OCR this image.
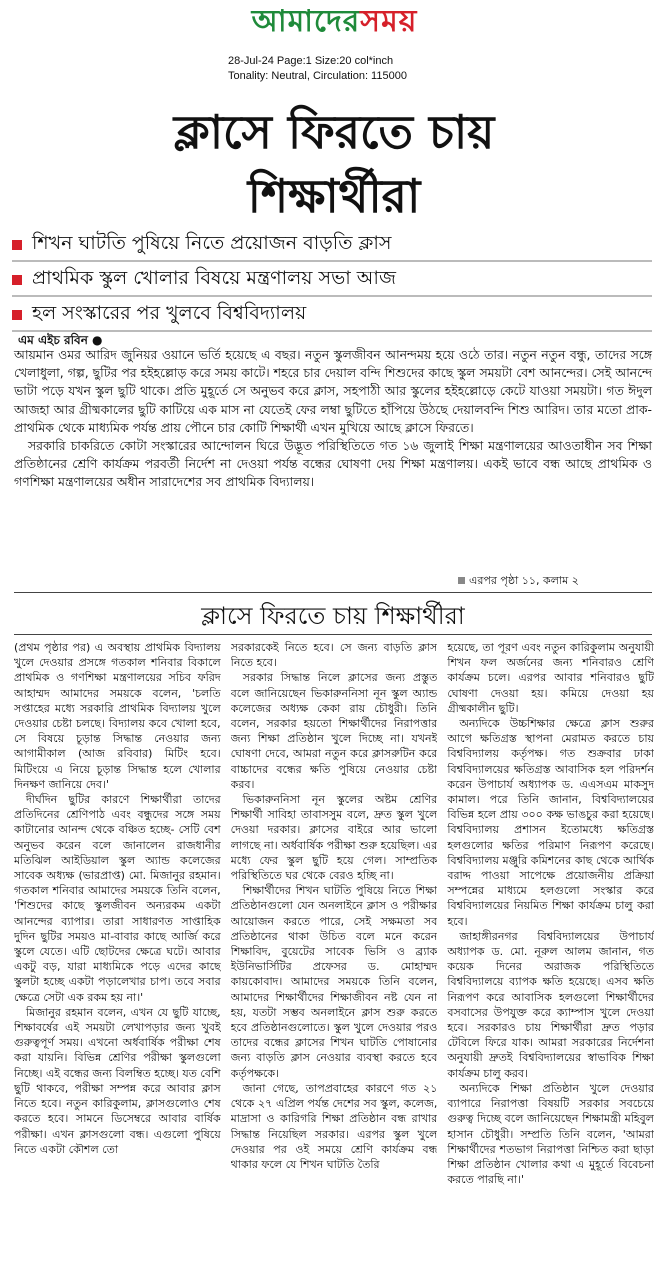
আমাদেরসময়
28-Jul-24 Page:1 Size:20 col*inch
Tonality: Neutral, Circulation: 115000
ক্লাসে ফিরতে চায়
শিক্ষার্থীরা
শিখন ঘাটতি পুষিয়ে নিতে প্রয়োজন বাড়তি ক্লাস
প্রাথমিক স্কুল খোলার বিষয়ে মন্ত্রণালয় সভা আজ
হল সংস্কারের পর খুলবে বিশ্ববিদ্যালয়
এম এইচ রবিন ●

আয়মান ওমর আরিদ জুনিয়র ওয়ানে ভর্তি হয়েছে এ বছর। নতুন স্কুলজীবন আনন্দময় হয়ে ওঠে তার। নতুন নতুন বন্ধু, তাদের সঙ্গে খেলাধুলা, গল্প, ছুটির পর হইহল্লোড় করে সময় কাটে। শহরে চার দেয়াল বন্দি শিশুদের কাছে স্কুল সময়টা বেশ আনন্দের। সেই আনন্দে ভাটা পড়ে যখন স্কুল ছুটি থাকে। প্রতি মুহূর্তে সে অনুভব করে ক্লাস, সহপাঠী আর স্কুলের হইহল্লোড়ে কেটে যাওয়া সময়টা। গত ঈদুল আজহা আর গ্রীষ্মকালের ছুটি কাটিয়ে এক মাস না যেতেই ফের লম্বা ছুটিতে হাঁপিয়ে উঠছে দেয়ালবন্দি শিশু আরিদ। তার মতো প্রাক-প্রাথমিক থেকে মাধ্যমিক পর্যন্ত প্রায় পৌনে চার কোটি শিক্ষার্থী এখন মুখিয়ে আছে ক্লাসে ফিরতে।

সরকারি চাকরিতে কোটা সংস্কারের আন্দোলন ঘিরে উদ্ভূত পরিস্থিতিতে গত ১৬ জুলাই শিক্ষা মন্ত্রণালয়ের আওতাধীন সব শিক্ষা প্রতিষ্ঠানের শ্রেণি কার্যক্রম পরবর্তী নির্দেশ না দেওয়া পর্যন্ত বন্ধের ঘোষণা দেয় শিক্ষা মন্ত্রণালয়। একই ভাবে বন্ধ আছে প্রাথমিক ও গণশিক্ষা মন্ত্রণালয়ের অধীন সারাদেশের সব প্রাথমিক বিদ্যালয়।

এরপর পৃষ্ঠা ১১, কলাম ২
ক্লাসে ফিরতে চায় শিক্ষার্থীরা

(প্রথম পৃষ্ঠার পর) এ অবস্থায় প্রাথমিক বিদ্যালয় খুলে দেওয়ার প্রসঙ্গে গতকাল শনিবার বিকালে প্রাথমিক ও গণশিক্ষা মন্ত্রণালয়ের সচিব ফরিদ আহাম্মদ আমাদের সময়কে বলেন, 'চলতি সপ্তাহের মধ্যে সরকারি প্রাথমিক বিদ্যালয় খুলে দেওয়ার চেষ্টা চলছে। বিদ্যালয় কবে খোলা হবে, সে বিষয়ে চূড়ান্ত সিদ্ধান্ত নেওয়ার জন্য আগামীকাল (আজ রবিবার) মিটিং হবে। মিটিংয়ে এ নিয়ে চূড়ান্ত সিদ্ধান্ত হলে খোলার দিনক্ষণ জানিয়ে দেব।'

দীর্ঘদিন ছুটির কারণে শিক্ষার্থীরা তাদের প্রতিদিনের শ্রেণিপাঠ এবং বন্ধুদের সঙ্গে সময় কাটানোর আনন্দ থেকে বঞ্চিত হচ্ছে- সেটি বেশ অনুভব করেন বলে জানালেন রাজধানীর মতিঝিল আইডিয়াল স্কুল অ্যান্ড কলেজের সাবেক অধ্যক্ষ (ভারপ্রাপ্ত) মো. মিজানুর রহমান। গতকাল শনিবার আমাদের সময়কে তিনি বলেন, 'শিশুদের কাছে স্কুলজীবন অন্যরকম একটা আনন্দের ব্যাপার। তারা সাধারণত সাপ্তাহিক দুদিন ছুটির সময়ও মা-বাবার কাছে আর্জি করে স্কুলে যেতে। এটি ছোটদের ক্ষেত্রে ঘটে। আবার একটু বড়, যারা মাধ্যমিকে পড়ে এদের কাছে স্কুলটা হচ্ছে একটা পড়ালেখার চাপ। তবে সবার ক্ষেত্রে সেটা এক রকম হয় না।'

মিজানুর রহমান বলেন, এখন যে ছুটি যাচ্ছে, শিক্ষাবর্ষের এই সময়টা লেখাপড়ার জন্য খুবই গুরুত্বপূর্ণ সময়। এখনো অর্ধবার্ষিক পরীক্ষা শেষ করা যায়নি। বিভিন্ন শ্রেণির পরীক্ষা স্কুলগুলো নিচ্ছে। এই বন্ধের জন্য বিলম্বিত হচ্ছে। যত বেশি ছুটি থাকবে, পরীক্ষা সম্পন্ন করে আবার ক্লাস নিতে হবে। নতুন কারিকুলাম, ক্লাসগুলোও শেষ করতে হবে। সামনে ডিসেম্বরে আবার বার্ষিক পরীক্ষা। এখন ক্লাসগুলো বন্ধ। এগুলো পুষিয়ে নিতে একটা কৌশল তো

সরকারকেই নিতে হবে। সে জন্য বাড়তি ক্লাস নিতে হবে।

সরকার সিদ্ধান্ত নিলে ক্লাসের জন্য প্রস্তুত বলে জানিয়েছেন ভিকারুননিসা নূন স্কুল অ্যান্ড কলেজের অধ্যক্ষ কেকা রায় চৌধুরী। তিনি বলেন, সরকার হয়তো শিক্ষার্থীদের নিরাপত্তার জন্য শিক্ষা প্রতিষ্ঠান খুলে দিচ্ছে না। যখনই ঘোষণা দেবে, আমরা নতুন করে ক্লাসরুটিন করে বাচ্চাদের বন্ধের ক্ষতি পুষিয়ে নেওয়ার চেষ্টা করব।

ভিকারুননিসা নূন স্কুলের অষ্টম শ্রেণির শিক্ষার্থী সাবিহা তাবাসসুম বলে, দ্রুত স্কুল খুলে দেওয়া দরকার। ক্লাসের বাইরে আর ভালো লাগছে না। অর্ধবার্ষিক পরীক্ষা শুরু হয়েছিল। এর মধ্যে ফের স্কুল ছুটি হয়ে গেল। সাম্প্রতিক পরিস্থিতিতে ঘর থেকে বেরও হচ্ছি না।

শিক্ষার্থীদের শিখন ঘাটতি পুষিয়ে নিতে শিক্ষা প্রতিষ্ঠানগুলো যেন অনলাইনে ক্লাস ও পরীক্ষার আয়োজন করতে পারে, সেই সক্ষমতা সব প্রতিষ্ঠানের থাকা উচিত বলে মনে করেন শিক্ষাবিদ, বুয়েটের সাবেক ভিসি ও ব্র্যাক ইউনিভার্সিটির প্রফেসর ড. মোহাম্মদ কায়কোবাদ। আমাদের সময়কে তিনি বলেন, আমাদের শিক্ষার্থীদের শিক্ষাজীবন নষ্ট যেন না হয়, যতটা সম্ভব অনলাইনে ক্লাস শুরু করতে হবে প্রতিষ্ঠানগুলোতে। স্কুল খুলে দেওয়ার পরও তাদের বন্ধের ক্লাসের শিখন ঘাটতি পোষানোর জন্য বাড়তি ক্লাস নেওয়ার ব্যবস্থা করতে হবে কর্তৃপক্ষকে।

জানা গেছে, তাপপ্রবাহের কারণে গত ২১ থেকে ২৭ এপ্রিল পর্যন্ত দেশের সব স্কুল, কলেজ, মাদ্রাসা ও কারিগরি শিক্ষা প্রতিষ্ঠান বন্ধ রাখার সিদ্ধান্ত নিয়েছিল সরকার। এরপর স্কুল খুলে দেওয়ার পর ওই সময়ে শ্রেণি কার্যক্রম বন্ধ থাকার ফলে যে শিখন ঘাটতি তৈরি

হয়েছে, তা পূরণ এবং নতুন কারিকুলাম অনুযায়ী শিখন ফল অর্জনের জন্য শনিবারও শ্রেণি কার্যক্রম চলে। এরপর আবার শনিবারও ছুটি ঘোষণা দেওয়া হয়। কমিয়ে দেওয়া হয় গ্রীষ্মকালীন ছুটি।

অন্যদিকে উচ্চশিক্ষার ক্ষেত্রে ক্লাস শুরুর আগে ক্ষতিগ্রস্ত স্থাপনা মেরামত করতে চায় বিশ্ববিদ্যালয় কর্তৃপক্ষ। গত শুক্রবার ঢাকা বিশ্ববিদ্যালয়ের ক্ষতিগ্রস্ত আবাসিক হল পরিদর্শন করেন উপাচার্য অধ্যাপক ড. এএসএম মাকসুদ কামাল। পরে তিনি জানান, বিশ্ববিদ্যালয়ের বিভিন্ন হলে প্রায় ৩০০ কক্ষ ভাঙচুর করা হয়েছে। বিশ্ববিদ্যালয় প্রশাসন ইতোমধ্যে ক্ষতিগ্রস্ত হলগুলোর ক্ষতির পরিমাণ নিরূপণ করেছে। বিশ্ববিদ্যালয় মঞ্জুরি কমিশনের কাছ থেকে আর্থিক বরাদ্দ পাওয়া সাপেক্ষে প্রয়োজনীয় প্রক্রিয়া সম্পন্নের মাধ্যমে হলগুলো সংস্কার করে বিশ্ববিদ্যালয়ের নিয়মিত শিক্ষা কার্যক্রম চালু করা হবে।

জাহাঙ্গীরনগর বিশ্ববিদ্যালয়ের উপাচার্য অধ্যাপক ড. মো. নূরুল আলম জানান, গত কয়েক দিনের অরাজক পরিস্থিতিতে বিশ্ববিদ্যালয়ে ব্যাপক ক্ষতি হয়েছে। এসব ক্ষতি নিরূপণ করে আবাসিক হলগুলো শিক্ষার্থীদের বসবাসের উপযুক্ত করে ক্যাম্পাস খুলে দেওয়া হবে। সরকারও চায় শিক্ষার্থীরা দ্রুত পড়ার টেবিলে ফিরে যাক। আমরা সরকারের নির্দেশনা অনুযায়ী দ্রুতই বিশ্ববিদ্যালয়ের স্বাভাবিক শিক্ষা কার্যক্রম চালু করব।

অন্যদিকে শিক্ষা প্রতিষ্ঠান খুলে দেওয়ার ব্যাপারে নিরাপত্তা বিষয়টি সরকার সবচেয়ে গুরুত্ব দিচ্ছে বলে জানিয়েছেন শিক্ষামন্ত্রী মহিবুল হাসান চৌধুরী। সম্প্রতি তিনি বলেন, 'আমরা শিক্ষার্থীদের শতভাগ নিরাপত্তা নিশ্চিত করা ছাড়া শিক্ষা প্রতিষ্ঠান খোলার কথা এ মুহূর্তে বিবেচনা করতে পারছি না।'
